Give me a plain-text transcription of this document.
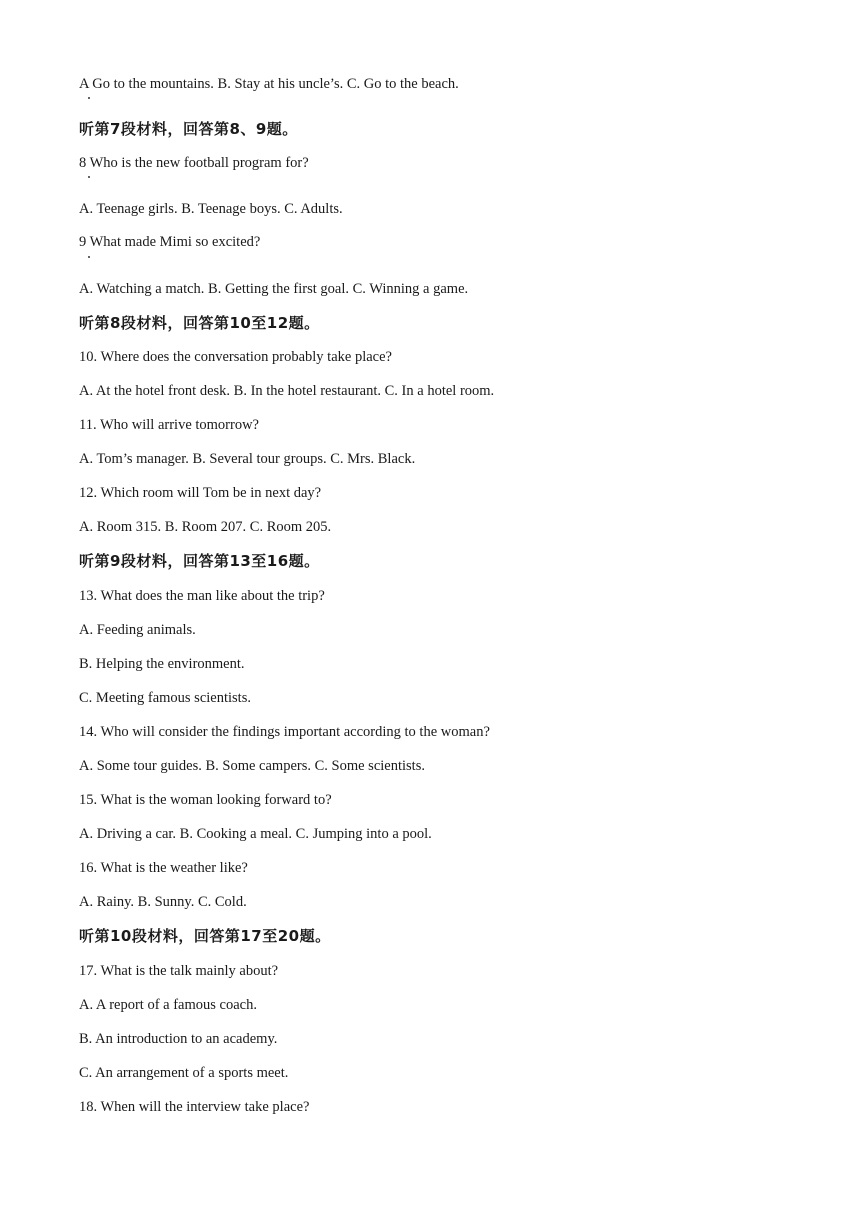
A Go to the mountains. B. Stay at his uncle’s. C. Go to the beach.
听第7段材料，回答第8、9题。
8 Who is the new football program for?
A. Teenage girls. B. Teenage boys. C. Adults.
9 What made Mimi so excited?
A. Watching a match. B. Getting the first goal. C. Winning a game.
听第8段材料，回答第10至12题。
10. Where does the conversation probably take place?
A. At the hotel front desk. B. In the hotel restaurant. C. In a hotel room.
11. Who will arrive tomorrow?
A. Tom’s manager. B. Several tour groups. C. Mrs. Black.
12. Which room will Tom be in next day?
A. Room 315. B. Room 207. C. Room 205.
听第9段材料，回答第13至16题。
13. What does the man like about the trip?
A. Feeding animals.
B. Helping the environment.
C. Meeting famous scientists.
14. Who will consider the findings important according to the woman?
A. Some tour guides. B. Some campers. C. Some scientists.
15. What is the woman looking forward to?
A. Driving a car. B. Cooking a meal. C. Jumping into a pool.
16. What is the weather like?
A. Rainy. B. Sunny. C. Cold.
听第10段材料，回答第17至20题。
17. What is the talk mainly about?
A. A report of a famous coach.
B. An introduction to an academy.
C. An arrangement of a sports meet.
18. When will the interview take place?
